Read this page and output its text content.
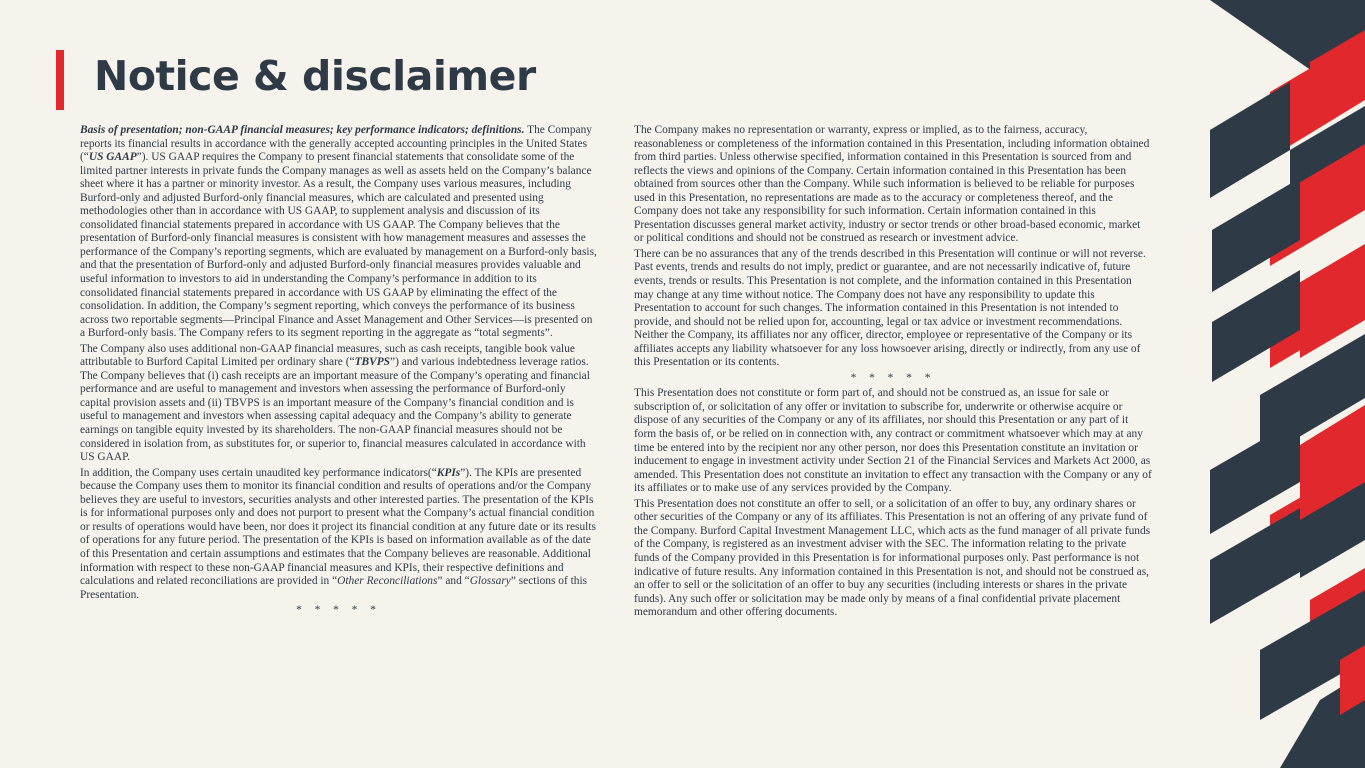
Notice & disclaimer

Basis of presentation; non-GAAP financial measures; key performance indicators; definitions. The Company reports its financial results in accordance with the generally accepted accounting principles in the United States (“US GAAP”). US GAAP requires the Company to present financial statements that consolidate some of the limited partner interests in private funds the Company manages as well as assets held on the Company’s balance sheet where it has a partner or minority investor. As a result, the Company uses various measures, including Burford-only and adjusted Burford-only financial measures, which are calculated and presented using methodologies other than in accordance with US GAAP, to supplement analysis and discussion of its consolidated financial statements prepared in accordance with US GAAP. The Company believes that the presentation of Burford-only financial measures is consistent with how management measures and assesses the performance of the Company’s reporting segments, which are evaluated by management on a Burford-only basis, and that the presentation of Burford-only and adjusted Burford-only financial measures provides valuable and useful information to investors to aid in understanding the Company’s performance in addition to its consolidated financial statements prepared in accordance with US GAAP by eliminating the effect of the consolidation. In addition, the Company’s segment reporting, which conveys the performance of its business across two reportable segments—Principal Finance and Asset Management and Other Services—is presented on a Burford-only basis. The Company refers to its segment reporting in the aggregate as “total segments”.

The Company also uses additional non-GAAP financial measures, such as cash receipts, tangible book value attributable to Burford Capital Limited per ordinary share (“TBVPS”) and various indebtedness leverage ratios. The Company believes that (i) cash receipts are an important measure of the Company’s operating and financial performance and are useful to management and investors when assessing the performance of Burford-only capital provision assets and (ii) TBVPS is an important measure of the Company’s financial condition and is useful to management and investors when assessing capital adequacy and the Company’s ability to generate earnings on tangible equity invested by its shareholders. The non-GAAP financial measures should not be considered in isolation from, as substitutes for, or superior to, financial measures calculated in accordance with US GAAP.

In addition, the Company uses certain unaudited key performance indicators(“KPIs”). The KPIs are presented because the Company uses them to monitor its financial condition and results of operations and/or the Company believes they are useful to investors, securities analysts and other interested parties. The presentation of the KPIs is for informational purposes only and does not purport to present what the Company’s actual financial condition or results of operations would have been, nor does it project its financial condition at any future date or its results of operations for any future period. The presentation of the KPIs is based on information available as of the date of this Presentation and certain assumptions and estimates that the Company believes are reasonable. Additional information with respect to these non-GAAP financial measures and KPIs, their respective definitions and calculations and related reconciliations are provided in “Other Reconciliations” and “Glossary” sections of this Presentation.

* * * * *

The Company makes no representation or warranty, express or implied, as to the fairness, accuracy, reasonableness or completeness of the information contained in this Presentation, including information obtained from third parties. Unless otherwise specified, information contained in this Presentation is sourced from and reflects the views and opinions of the Company. Certain information contained in this Presentation has been obtained from sources other than the Company. While such information is believed to be reliable for purposes used in this Presentation, no representations are made as to the accuracy or completeness thereof, and the Company does not take any responsibility for such information. Certain information contained in this Presentation discusses general market activity, industry or sector trends or other broad-based economic, market or political conditions and should not be construed as research or investment advice.

There can be no assurances that any of the trends described in this Presentation will continue or will not reverse. Past events, trends and results do not imply, predict or guarantee, and are not necessarily indicative of, future events, trends or results. This Presentation is not complete, and the information contained in this Presentation may change at any time without notice. The Company does not have any responsibility to update this Presentation to account for such changes. The information contained in this Presentation is not intended to provide, and should not be relied upon for, accounting, legal or tax advice or investment recommendations. Neither the Company, its affiliates nor any officer, director, employee or representative of the Company or its affiliates accepts any liability whatsoever for any loss howsoever arising, directly or indirectly, from any use of this Presentation or its contents.

* * * * *

This Presentation does not constitute or form part of, and should not be construed as, an issue for sale or subscription of, or solicitation of any offer or invitation to subscribe for, underwrite or otherwise acquire or dispose of any securities of the Company or any of its affiliates, nor should this Presentation or any part of it form the basis of, or be relied on in connection with, any contract or commitment whatsoever which may at any time be entered into by the recipient nor any other person, nor does this Presentation constitute an invitation or inducement to engage in investment activity under Section 21 of the Financial Services and Markets Act 2000, as amended. This Presentation does not constitute an invitation to effect any transaction with the Company or any of its affiliates or to make use of any services provided by the Company.

This Presentation does not constitute an offer to sell, or a solicitation of an offer to buy, any ordinary shares or other securities of the Company or any of its affiliates. This Presentation is not an offering of any private fund of the Company. Burford Capital Investment Management LLC, which acts as the fund manager of all private funds of the Company, is registered as an investment adviser with the SEC. The information relating to the private funds of the Company provided in this Presentation is for informational purposes only. Past performance is not indicative of future results. Any information contained in this Presentation is not, and should not be construed as, an offer to sell or the solicitation of an offer to buy any securities (including interests or shares in the private funds). Any such offer or solicitation may be made only by means of a final confidential private placement memorandum and other offering documents.
